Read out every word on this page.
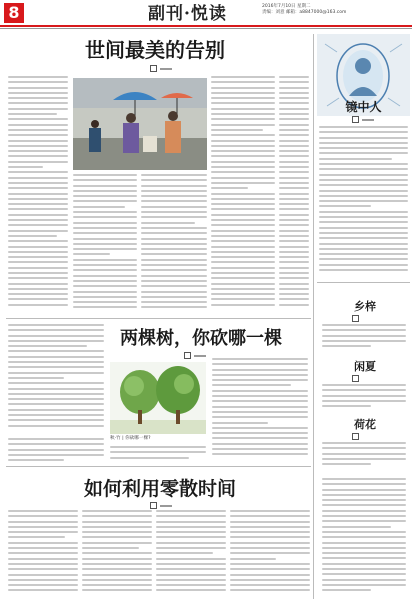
8	副刊·悦读	2016年7月10日 星期二
责编：刘意 邮箱：a8847000@163.com
世间最美的告别
镜中人
乡梓
闲夏
荷花
两棵树，你砍哪一棵
秋·竹 | 你砍哪一棵?
如何利用零散时间
